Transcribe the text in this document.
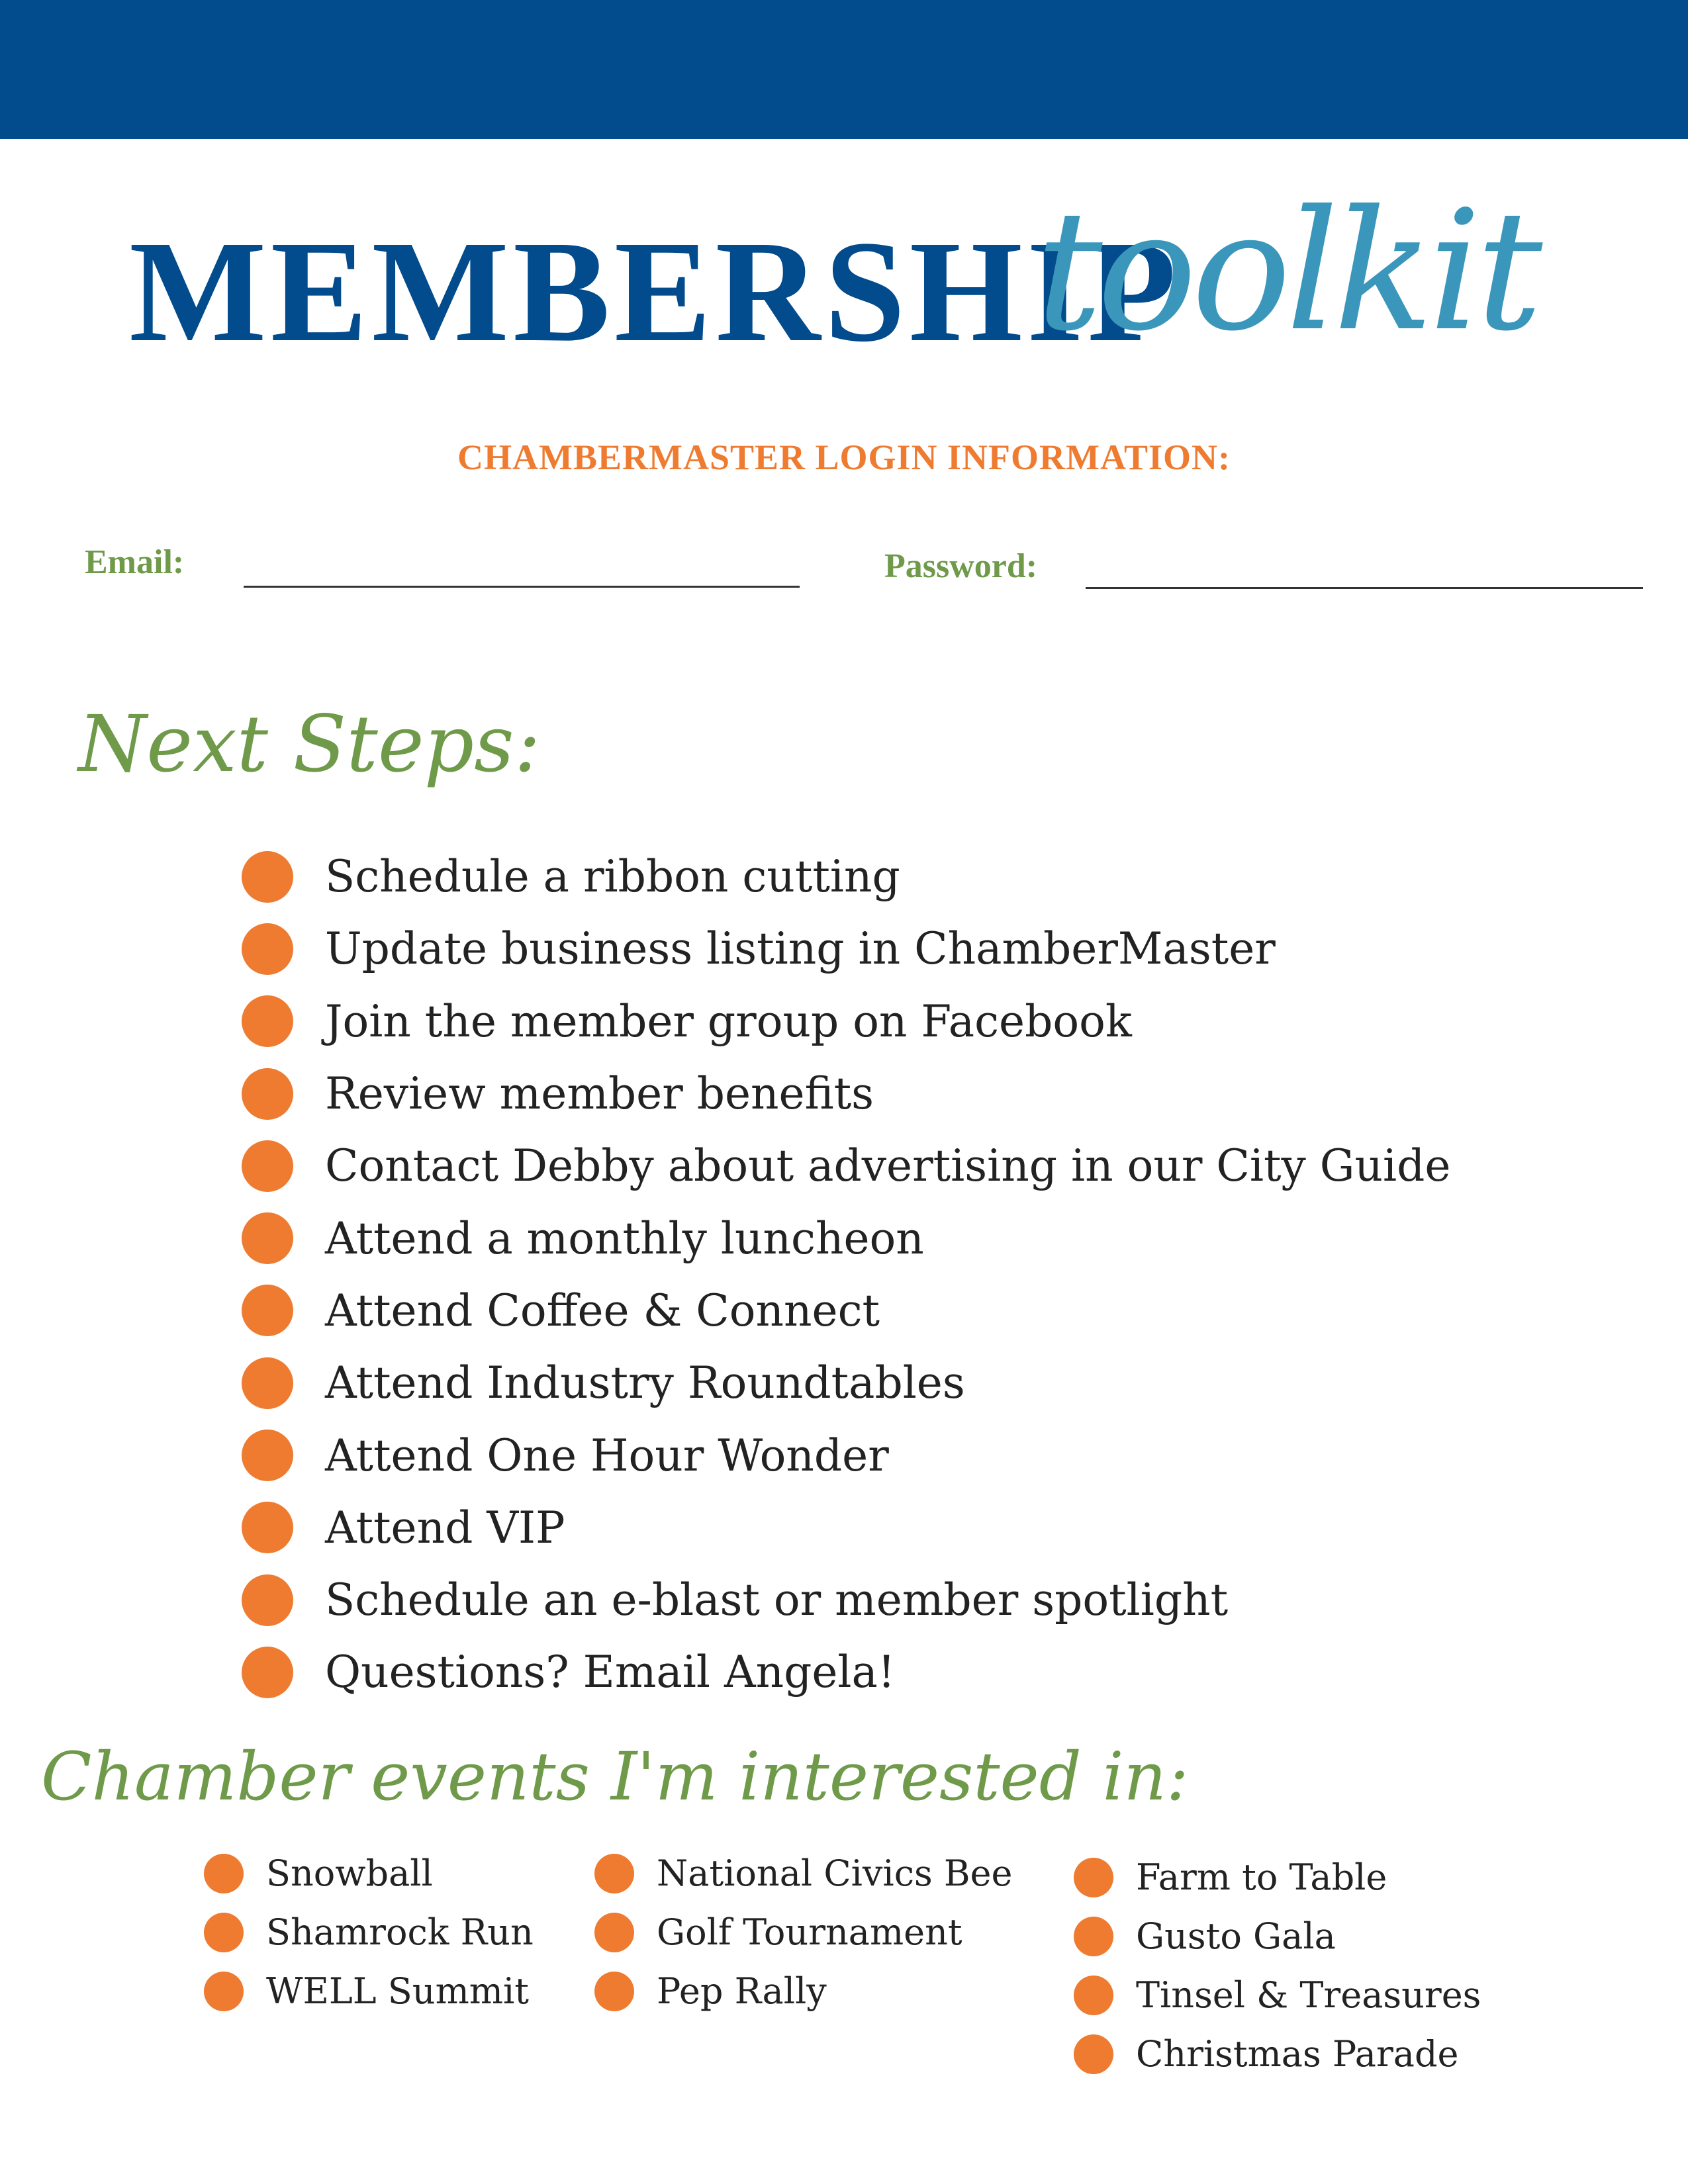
MEMBERSHIP
toolkit
CHAMBERMASTER LOGIN INFORMATION:
Email:	Password:
Next Steps:
Schedule a ribbon cutting
Update business listing in ChamberMaster
Join the member group on Facebook
Review member benefits
Contact Debby about advertising in our City Guide
Attend a monthly luncheon
Attend Coffee & Connect
Attend Industry Roundtables
Attend One Hour Wonder
Attend VIP
Schedule an e-blast or member spotlight
Questions? Email Angela!
Chamber events I'm interested in:
Snowball
Shamrock Run
WELL Summit
National Civics Bee
Golf Tournament
Pep Rally
Farm to Table
Gusto Gala
Tinsel & Treasures
Christmas Parade
